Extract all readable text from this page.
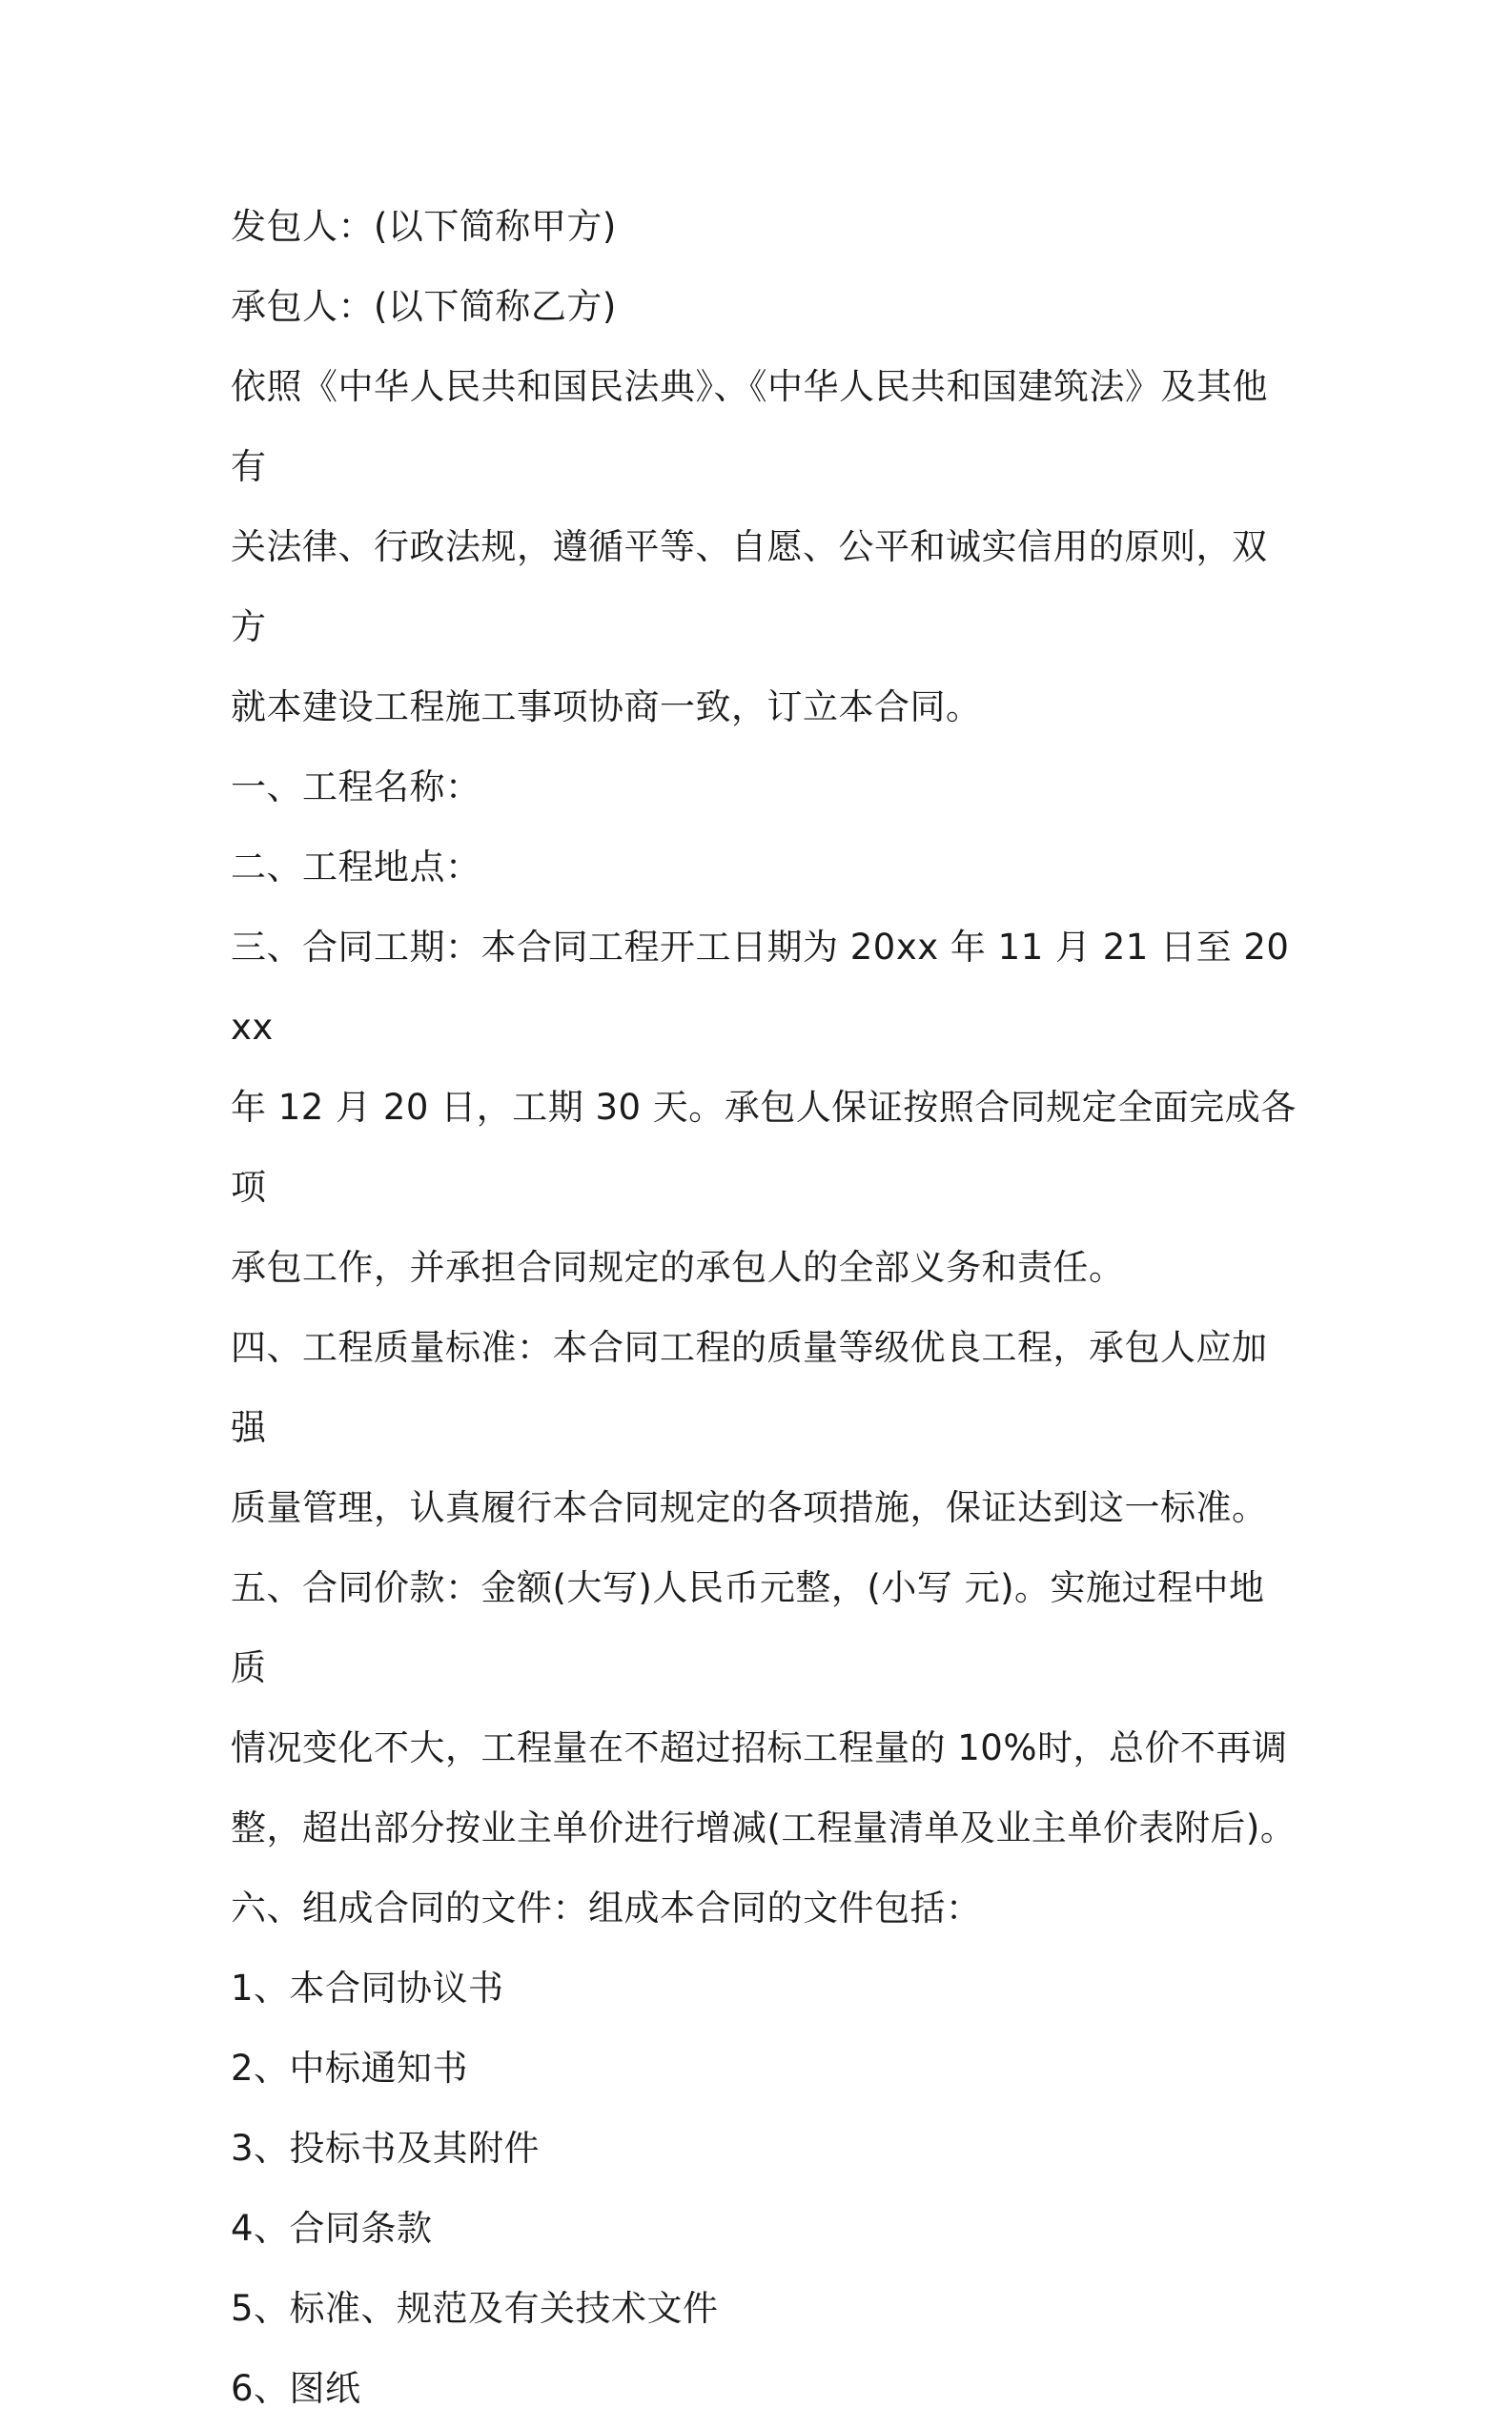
发包人：(以下简称甲方)

承包人：(以下简称乙方)

依照《中华人民共和国民法典》、《中华人民共和国建筑法》及其他有

关法律、行政法规，遵循平等、自愿、公平和诚实信用的原则，双方

就本建设工程施工事项协商一致，订立本合同。

一、工程名称：

二、工程地点：

三、合同工期：本合同工程开工日期为 20xx 年 11 月 21 日至 20xx

年 12 月 20 日，工期 30 天。承包人保证按照合同规定全面完成各项

承包工作，并承担合同规定的承包人的全部义务和责任。

四、工程质量标准：本合同工程的质量等级优良工程，承包人应加强

质量管理，认真履行本合同规定的各项措施，保证达到这一标准。

五、合同价款：金额(大写)人民币元整，(小写 元)。实施过程中地质

情况变化不大，工程量在不超过招标工程量的 10%时，总价不再调

整，超出部分按业主单价进行增减(工程量清单及业主单价表附后)。

六、组成合同的文件：组成本合同的文件包括：

1、本合同协议书

2、中标通知书

3、投标书及其附件

4、合同条款

5、标准、规范及有关技术文件

6、图纸
